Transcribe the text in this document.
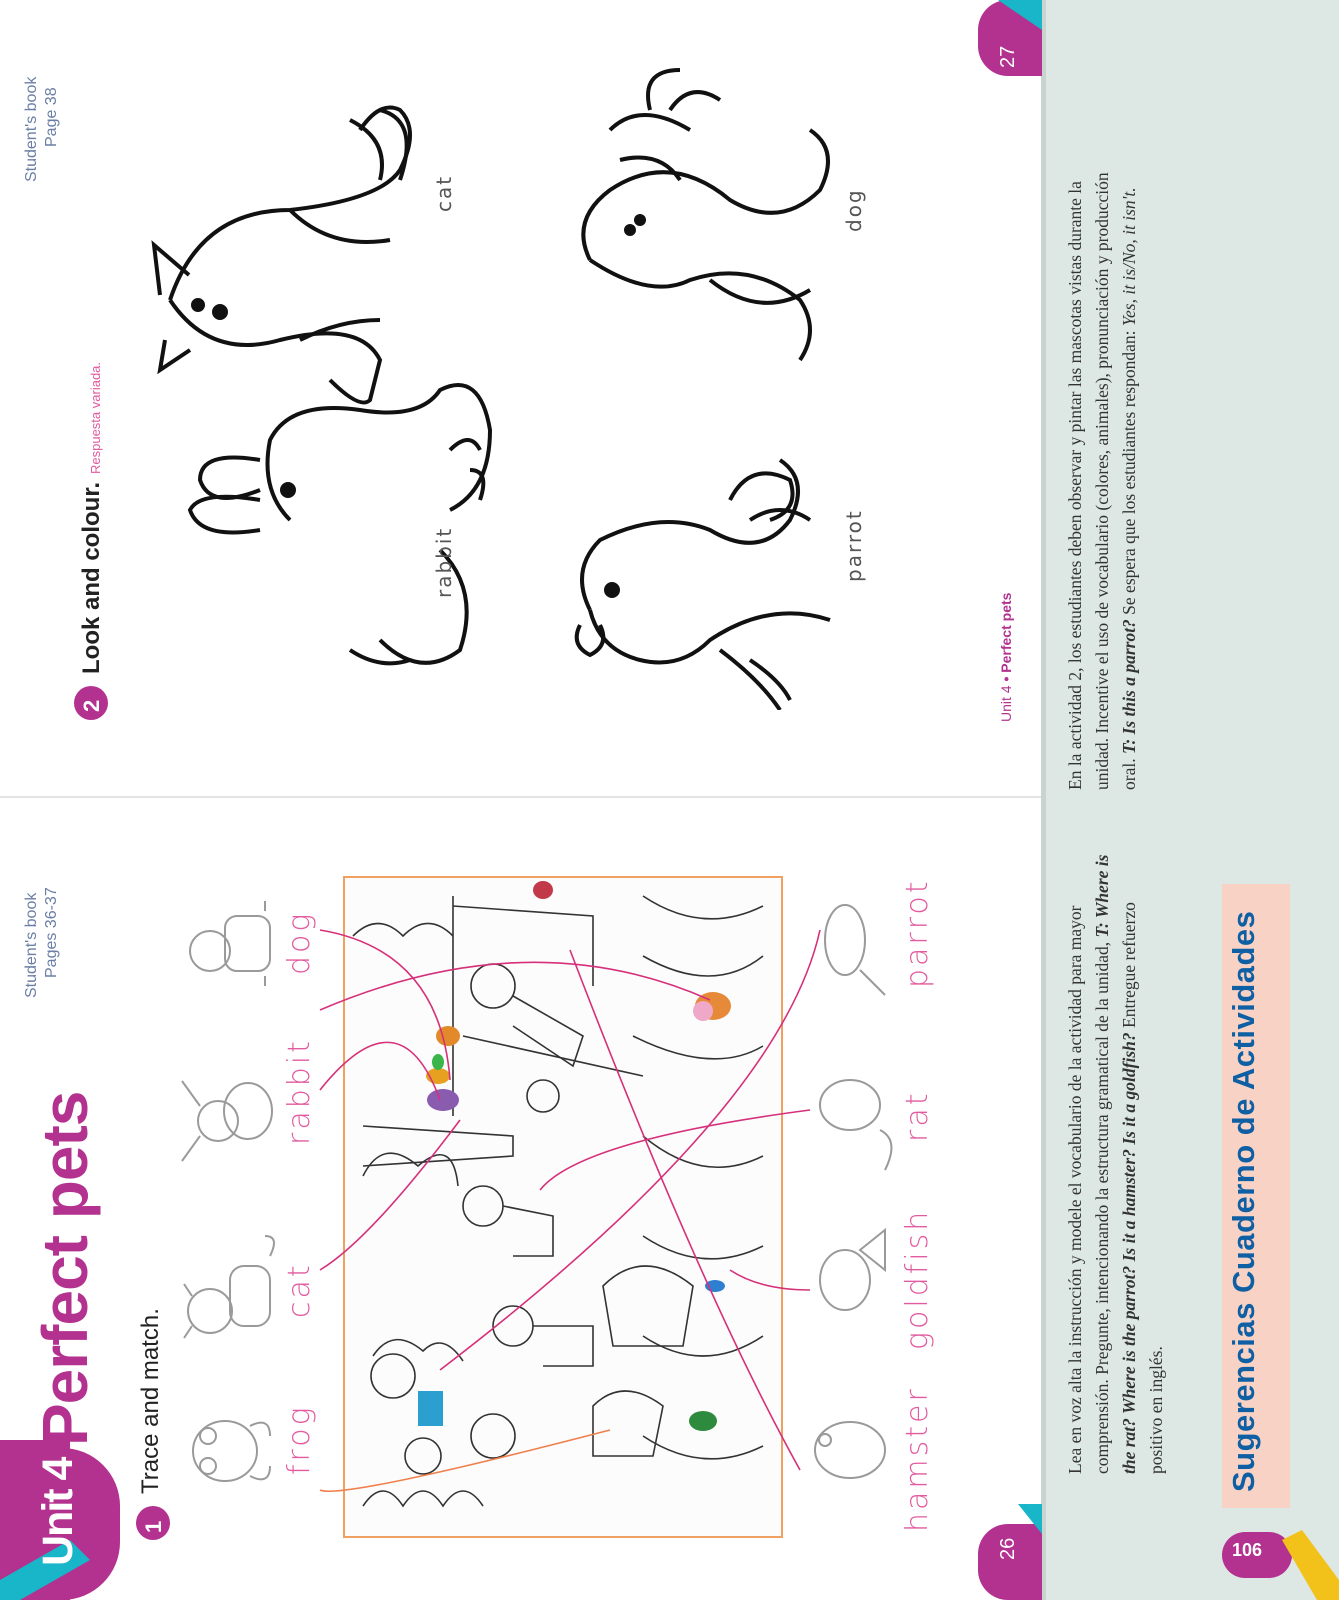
Unit 4
Perfect pets
Student's book Pages 36-37
1
Trace and match.	frog
cat
rabbit
dog
hamster
goldfish
rat
parrot
26
Student's book Page 38
2
Look and colour.
Respuesta variada.
cat
rabbit
dog
parrot
Unit 4 • Perfect pets
27
En la actividad 2, los estudiantes deben observar y pintar las mascotas vistas durante la unidad. Incentive el uso de vocabulario (colores, animales), pronunciación y producción oral. T: Is this a parrot? Se espera que los estudiantes respondan: Yes, it is/No, it isn't.
Lea en voz alta la instrucción y modele el vocabulario de la actividad para mayor comprensión. Pregunte, intencionando la estructura gramatical de la unidad, T: Where is the rat? Where is the parrot? Is it a hamster? Is it a goldfish? Entregue refuerzo positivo en inglés. Sugerencias Cuaderno de Actividades
106
